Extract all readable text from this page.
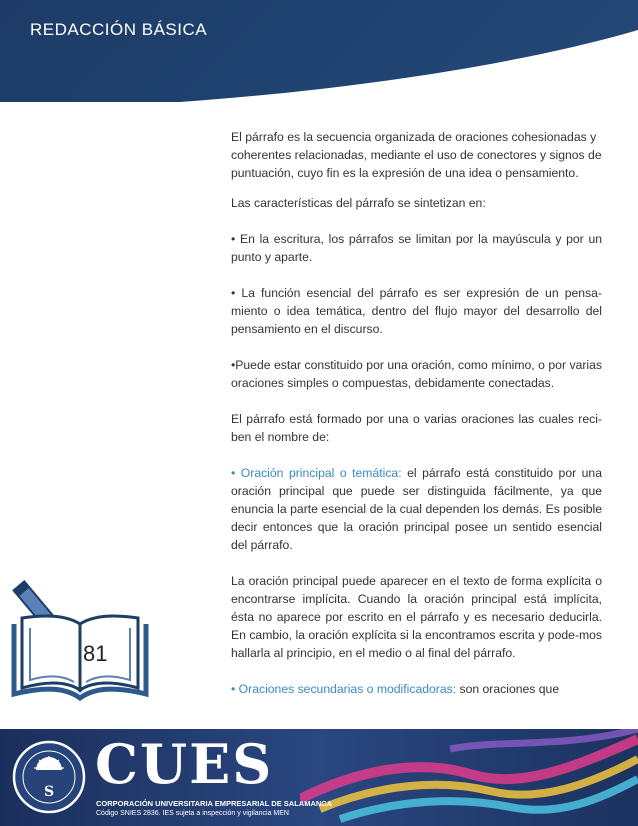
REDACCIÓN BÁSICA

El párrafo es la secuencia organizada de oraciones cohesionadas y coherentes relacionadas, mediante el uso de conectores y signos de puntuación, cuyo fin es la expresión de una idea o pensamiento.

Las características del párrafo se sintetizan en:

• En la escritura, los párrafos se limitan por la mayúscula y por un punto y aparte.

• La función esencial del párrafo es ser expresión de un pensa-miento o idea temática, dentro del flujo mayor del desarrollo del pensamiento en el discurso.

•Puede estar constituido por una oración, como mínimo, o por varias oraciones simples o compuestas, debidamente conectadas.

El párrafo está formado por una o varias oraciones las cuales reci-ben el nombre de:

• Oración principal o temática: el párrafo está constituido por una oración principal que puede ser distinguida fácilmente, ya que enuncia la parte esencial de la cual dependen los demás. Es posible decir entonces que la oración principal posee un sentido esencial del párrafo.

La oración principal puede aparecer en el texto de forma explícita o encontrarse implícita. Cuando la oración principal está implícita, ésta no aparece por escrito en el párrafo y es necesario deducirla. En cambio, la oración explícita si la encontramos escrita y pode-mos hallarla al principio, en el medio o al final del párrafo.

• Oraciones secundarias o modificadoras: son oraciones que

81
S CUES
CORPORACIÓN UNIVERSITARIA EMPRESARIAL DE SALAMANCA
Código SNIES 2836. IES sujeta a inspección y vigilancia MEN
